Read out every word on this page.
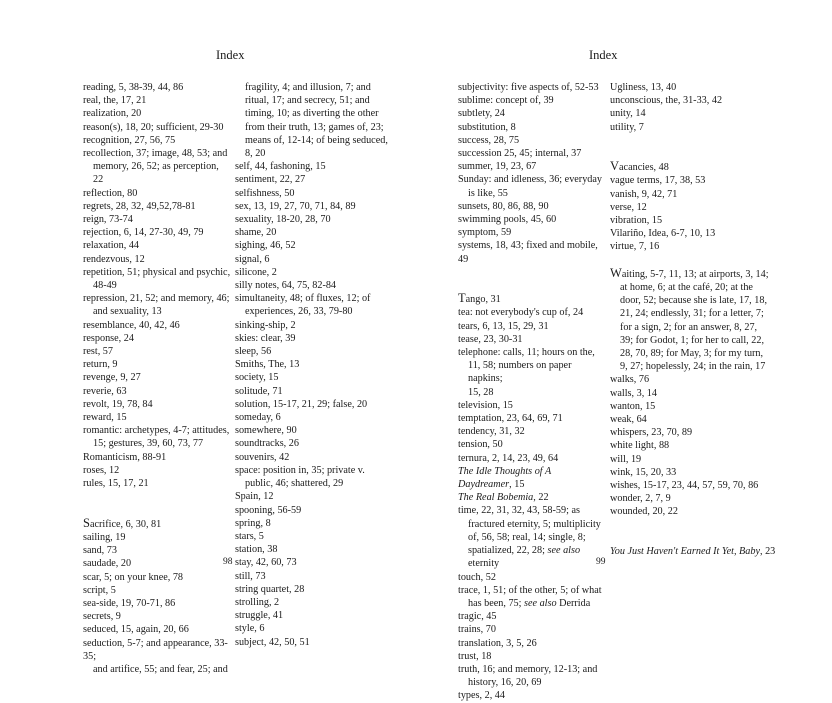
Index
reading, 5, 38-39, 44, 86
real, the, 17, 21
realization, 20
reason(s), 18, 20; sufficient, 29-30
recognition, 27, 56, 75
recollection, 37; image, 48, 53; and
memory, 26, 52; as perception, 22
reflection, 80
regrets, 28, 32, 49,52,78-81
reign, 73-74
rejection, 6, 14, 27-30, 49, 79
relaxation, 44
rendezvous, 12
repetition, 51; physical and psychic,
48-49
repression, 21, 52; and memory, 46;
and sexuality, 13
resemblance, 40, 42, 46
response, 24
rest, 57
return, 9
revenge, 9, 27
reverie, 63
revolt, 19, 78, 84
reward, 15
romantic: archetypes, 4-7; attitudes,
15; gestures, 39, 60, 73, 77
Romanticism, 88-91
roses, 12
rules, 15, 17, 21
Sacrifice, 6, 30, 81
sailing, 19
sand, 73
saudade, 20
scar, 5; on your knee, 78
script, 5
sea-side, 19, 70-71, 86
secrets, 9
seduced, 15, again, 20, 66
seduction, 5-7; and appearance, 33-35;
and artifice, 55; and fear, 25; and
fragility, 4; and illusion, 7; and
ritual, 17; and secrecy, 51; and
timing, 10; as diverting the other
from their truth, 13; games of, 23;
means of, 12-14; of being seduced,
8, 20
self, 44, fashoning, 15
sentiment, 22, 27
selfishness, 50
sex, 13, 19, 27, 70, 71, 84, 89
sexuality, 18-20, 28, 70
shame, 20
sighing, 46, 52
signal, 6
silicone, 2
silly notes, 64, 75, 82-84
simultaneity, 48; of fluxes, 12; of
experiences, 26, 33, 79-80
sinking-ship, 2
skies: clear, 39
sleep, 56
Smiths, The, 13
society, 15
solitude, 71
solution, 15-17, 21, 29; false, 20
someday, 6
somewhere, 90
soundtracks, 26
souvenirs, 42
space: position in, 35; private v.
public, 46; shattered, 29
Spain, 12
spooning, 56-59
spring, 8
stars, 5
station, 38
stay, 42, 60, 73
still, 73
string quartet, 28
strolling, 2
struggle, 41
style, 6
subject, 42, 50, 51
98
Index
subjectivity: five aspects of, 52-53
sublime: concept of, 39
subtlety, 24
substitution, 8
success, 28, 75
succession 25, 45; internal, 37
summer, 19, 23, 67
Sunday: and idleness, 36; everyday
is like, 55
sunsets, 80, 86, 88, 90
swimming pools, 45, 60
symptom, 59
systems, 18, 43; fixed and mobile, 49
Tango, 31
tea: not everybody's cup of, 24
tears, 6, 13, 15, 29, 31
tease, 23, 30-31
telephone: calls, 11; hours on the,
11, 58; numbers on paper napkins;
15, 28
television, 15
temptation, 23, 64, 69, 71
tendency, 31, 32
tension, 50
ternura, 2, 14, 23, 49, 64
The Idle Thoughts of A Daydreamer, 15
The Real Bobemia, 22
time, 22, 31, 32, 43, 58-59; as
fractured eternity, 5; multiplicity
of, 56, 58; real, 14; single, 8;
spatialized, 22, 28; see also eternity
touch, 52
trace, 1, 51; of the other, 5; of what
has been, 75; see also Derrida
tragic, 45
trains, 70
translation, 3, 5, 26
trust, 18
truth, 16; and memory, 12-13; and
history, 16, 20, 69
types, 2, 44
Ugliness, 13, 40
unconscious, the, 31-33, 42
unity, 14
utility, 7
Vacancies, 48
vague terms, 17, 38, 53
vanish, 9, 42, 71
verse, 12
vibration, 15
Vilariño, Idea, 6-7, 10, 13
virtue, 7, 16
Waiting, 5-7, 11, 13; at airports, 3, 14;
at home, 6; at the café, 20; at the
door, 52; because she is late, 17, 18,
21, 24; endlessly, 31; for a letter, 7;
for a sign, 2; for an answer, 8, 27,
39; for Godot, 1; for her to call, 22,
28, 70, 89; for May, 3; for my turn,
9, 27; hopelessly, 24; in the rain, 17
walks, 76
walls, 3, 14
wanton, 15
weak, 64
whispers, 23, 70, 89
white light, 88
will, 19
wink, 15, 20, 33
wishes, 15-17, 23, 44, 57, 59, 70, 86
wonder, 2, 7, 9
wounded, 20, 22
You Just Haven't Earned It Yet, Baby, 23
99
